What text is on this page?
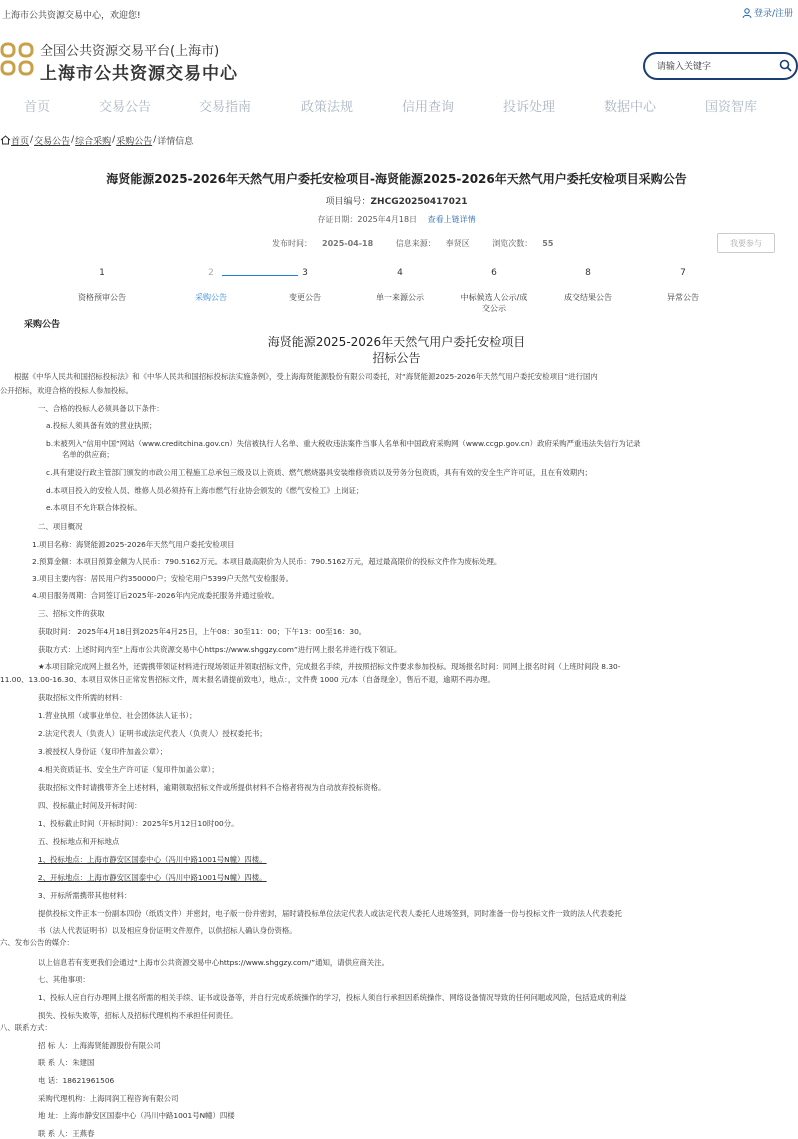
上海市公共资源交易中心，欢迎您!	登录/注册
全国公共资源交易平台(上海市)
上海市公共资源交易中心
请输入关键字
首页	交易公告	交易指南	政策法规	信用查询	投诉处理	数据中心	国资智库
首页 / 交易公告 / 综合采购 / 采购公告 / 详情信息
海贤能源2025-2026年天然气用户委托安检项目-海贤能源2025-2026年天然气用户委托安检项目采购公告
项目编号：ZHCG20250417021
存证日期：2025年4月18日 查看上链详情
发布时间： 2025-04-18	信息来源： 奉贤区	浏览次数： 55	我要参与
1
资格预审公告
2
采购公告
3
变更公告
4
单一来源公示
6
中标候选人公示/成交公示
8
成交结果公告
7
异常公告
采购公告
海贤能源2025-2026年天然气用户委托安检项目
招标公告
根据《中华人民共和国招标投标法》和《中华人民共和国招标投标法实施条例》，受上海海贤能源股份有限公司委托，对“海贤能源2025-2026年天然气用户委托安检项目”进行国内
公开招标，欢迎合格的投标人参加投标。
一、合格的投标人必须具备以下条件：
a.投标人须具备有效的营业执照；
b.未被列入“信用中国”网站（www.creditchina.gov.cn）失信被执行人名单、重大税收违法案件当事人名单和中国政府采购网（www.ccgp.gov.cn）政府采购严重违法失信行为记录
名单的供应商；
c.具有建设行政主管部门颁发的市政公用工程施工总承包三级及以上资质、燃气燃烧器具安装维修资质以及劳务分包资质，具有有效的安全生产许可证，且在有效期内；
d.本项目投入的安检人员、维修人员必须持有上海市燃气行业协会颁发的《燃气安检工》上岗证；
e.本项目不允许联合体投标。
二、项目概况
1.项目名称：海贤能源2025-2026年天然气用户委托安检项目
2.预算金额：本项目预算金额为人民币：790.5162万元。本项目最高限价为人民币：790.5162万元，超过最高限价的投标文件作为废标处理。
3.项目主要内容：居民用户约350000户；安检宅用户5399户天然气安检服务。
4.项目服务周期：合同签订后2025年-2026年内完成委托服务并通过验收。
三、招标文件的获取
获取时间： 2025年4月18日到2025年4月25日，上午08：30至11：00；下午13：00至16：30。
获取方式：上述时间内至“上海市公共资源交易中心https://www.shggzy.com”进行网上报名并进行线下领证。
★本项目除完成网上报名外，还需携带领证材料进行现场领证并领取招标文件，完成报名手续，并按照招标文件要求参加投标。现场报名时间：同网上报名时间（上班时间段 8.30-
11.00、13.00-16.30、本项目双休日正常发售招标文件，周末报名请提前致电），地点：，文件费 1000 元/本（自备现金），售后不退，逾期不再办理。
获取招标文件所需的材料：
1.营业执照（或事业单位、社会团体法人证书）；
2.法定代表人（负责人）证明书或法定代表人（负责人）授权委托书；
3.被授权人身份证（复印件加盖公章）；
4.相关资质证书、安全生产许可证（复印件加盖公章）；
获取招标文件时请携带齐全上述材料，逾期领取招标文件或所提供材料不合格者将视为自动放弃投标资格。
四、投标截止时间及开标时间：
1、投标截止时间（开标时间）：2025年5月12日10时00分。
五、投标地点和开标地点
1、投标地点：上海市静安区国泰中心（冯川中路1001号N幢）四楼。
2、开标地点：上海市静安区国泰中心（冯川中路1001号N幢）四楼。
3、开标所需携带其他材料：
提供投标文件正本一份副本四份（纸质文件）并密封，电子版一份并密封，届时请投标单位法定代表人或法定代表人委托人进场签到，同时准备一份与投标文件一致的法人代表委托
书（法人代表证明书）以及相应身份证明文件原件，以供招标人确认身份资格。
六、发布公告的媒介：
以上信息若有变更我们会通过“上海市公共资源交易中心https://www.shggzy.com/”通知，请供应商关注。
七、其他事项：
1、投标人应自行办理网上报名所需的相关手续、证书或设备等，并自行完成系统操作的学习，投标人须自行承担因系统操作、网络设备情况导致的任何问题或风险，包括造成的利益
损失、投标失败等，招标人及招标代理机构不承担任何责任。
八、联系方式：
招 标 人：上海海贤能源股份有限公司
联 系 人：朱建国
电 话：18621961506
采购代理机构：上海同润工程咨询有限公司
地 址：上海市静安区国泰中心（冯川中路1001号N幢）四楼
联 系 人：王燕春
